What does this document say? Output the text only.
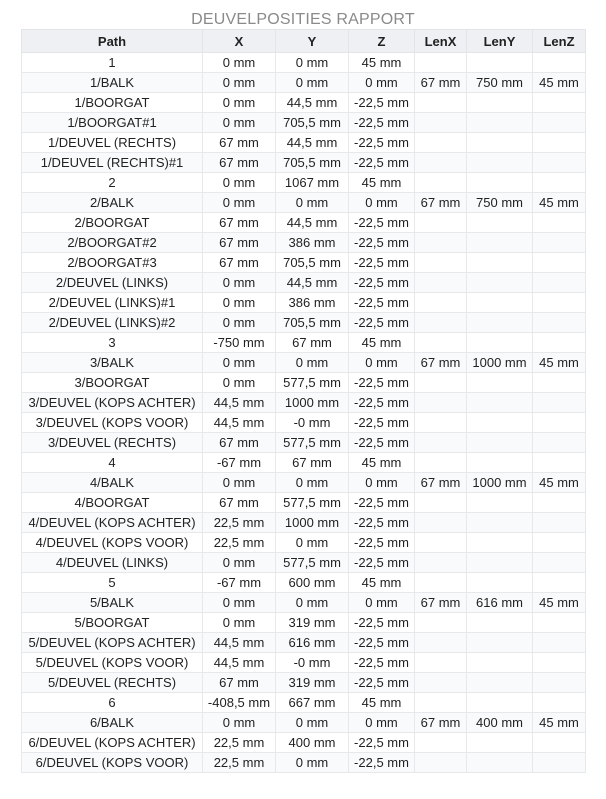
DEUVELPOSITIES RAPPORT
Path	X	Y	Z	LenX	LenY	LenZ
1	0 mm	0 mm	45 mm			
1/BALK	0 mm	0 mm	0 mm	67 mm	750 mm	45 mm
1/BOORGAT	0 mm	44,5 mm	-22,5 mm			
1/BOORGAT#1	0 mm	705,5 mm	-22,5 mm			
1/DEUVEL (RECHTS)	67 mm	44,5 mm	-22,5 mm			
1/DEUVEL (RECHTS)#1	67 mm	705,5 mm	-22,5 mm			
2	0 mm	1067 mm	45 mm			
2/BALK	0 mm	0 mm	0 mm	67 mm	750 mm	45 mm
2/BOORGAT	67 mm	44,5 mm	-22,5 mm			
2/BOORGAT#2	67 mm	386 mm	-22,5 mm			
2/BOORGAT#3	67 mm	705,5 mm	-22,5 mm			
2/DEUVEL (LINKS)	0 mm	44,5 mm	-22,5 mm			
2/DEUVEL (LINKS)#1	0 mm	386 mm	-22,5 mm			
2/DEUVEL (LINKS)#2	0 mm	705,5 mm	-22,5 mm			
3	-750 mm	67 mm	45 mm			
3/BALK	0 mm	0 mm	0 mm	67 mm	1000 mm	45 mm
3/BOORGAT	0 mm	577,5 mm	-22,5 mm			
3/DEUVEL (KOPS ACHTER)	44,5 mm	1000 mm	-22,5 mm			
3/DEUVEL (KOPS VOOR)	44,5 mm	-0 mm	-22,5 mm			
3/DEUVEL (RECHTS)	67 mm	577,5 mm	-22,5 mm			
4	-67 mm	67 mm	45 mm			
4/BALK	0 mm	0 mm	0 mm	67 mm	1000 mm	45 mm
4/BOORGAT	67 mm	577,5 mm	-22,5 mm			
4/DEUVEL (KOPS ACHTER)	22,5 mm	1000 mm	-22,5 mm			
4/DEUVEL (KOPS VOOR)	22,5 mm	0 mm	-22,5 mm			
4/DEUVEL (LINKS)	0 mm	577,5 mm	-22,5 mm			
5	-67 mm	600 mm	45 mm			
5/BALK	0 mm	0 mm	0 mm	67 mm	616 mm	45 mm
5/BOORGAT	0 mm	319 mm	-22,5 mm			
5/DEUVEL (KOPS ACHTER)	44,5 mm	616 mm	-22,5 mm			
5/DEUVEL (KOPS VOOR)	44,5 mm	-0 mm	-22,5 mm			
5/DEUVEL (RECHTS)	67 mm	319 mm	-22,5 mm			
6	-408,5 mm	667 mm	45 mm			
6/BALK	0 mm	0 mm	0 mm	67 mm	400 mm	45 mm
6/DEUVEL (KOPS ACHTER)	22,5 mm	400 mm	-22,5 mm			
6/DEUVEL (KOPS VOOR)	22,5 mm	0 mm	-22,5 mm			
